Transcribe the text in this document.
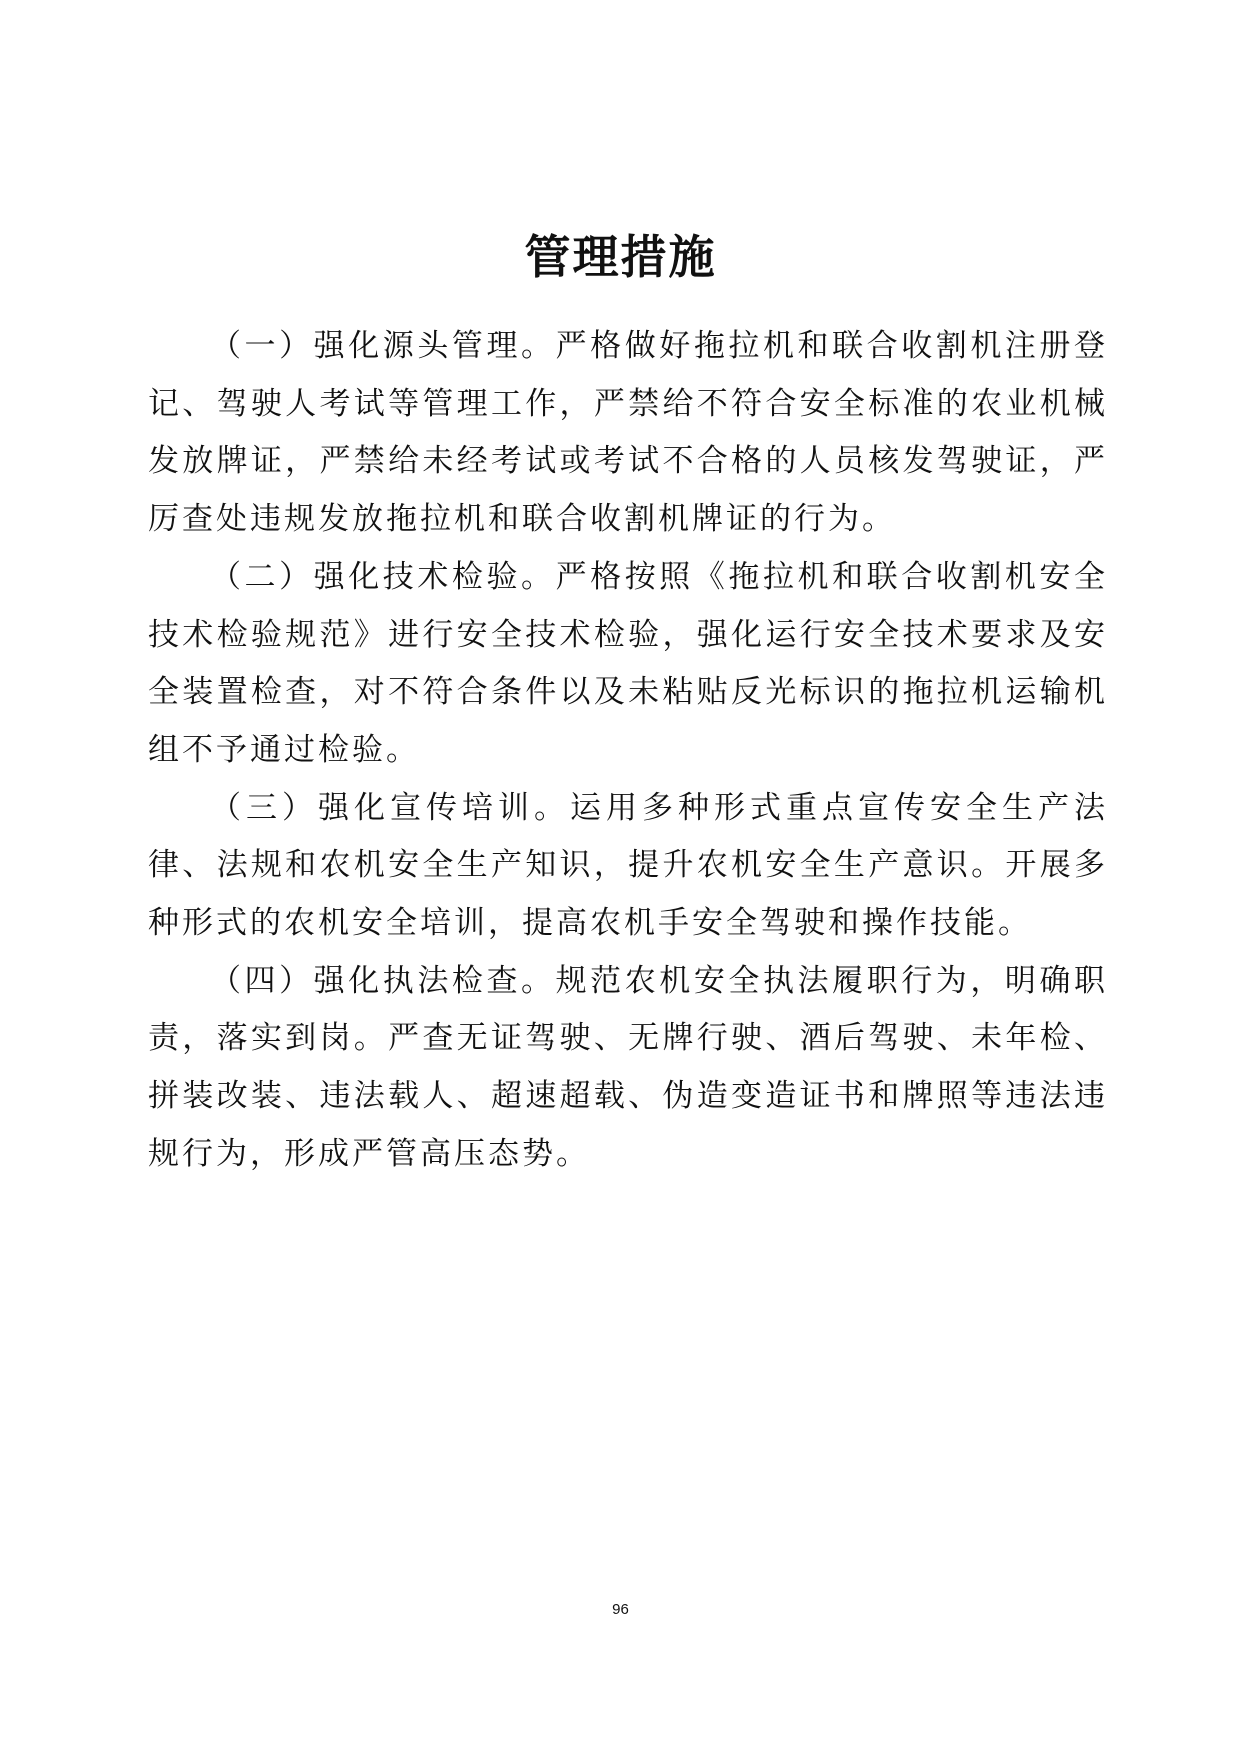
管理措施

（一）强化源头管理。严格做好拖拉机和联合收割机注册登记、驾驶人考试等管理工作，严禁给不符合安全标准的农业机械发放牌证，严禁给未经考试或考试不合格的人员核发驾驶证，严厉查处违规发放拖拉机和联合收割机牌证的行为。

（二）强化技术检验。严格按照《拖拉机和联合收割机安全技术检验规范》进行安全技术检验，强化运行安全技术要求及安全装置检查，对不符合条件以及未粘贴反光标识的拖拉机运输机组不予通过检验。

（三）强化宣传培训。运用多种形式重点宣传安全生产法律、法规和农机安全生产知识，提升农机安全生产意识。开展多种形式的农机安全培训，提高农机手安全驾驶和操作技能。

（四）强化执法检查。规范农机安全执法履职行为，明确职责，落实到岗。严查无证驾驶、无牌行驶、酒后驾驶、未年检、拼装改装、违法载人、超速超载、伪造变造证书和牌照等违法违规行为，形成严管高压态势。

96
